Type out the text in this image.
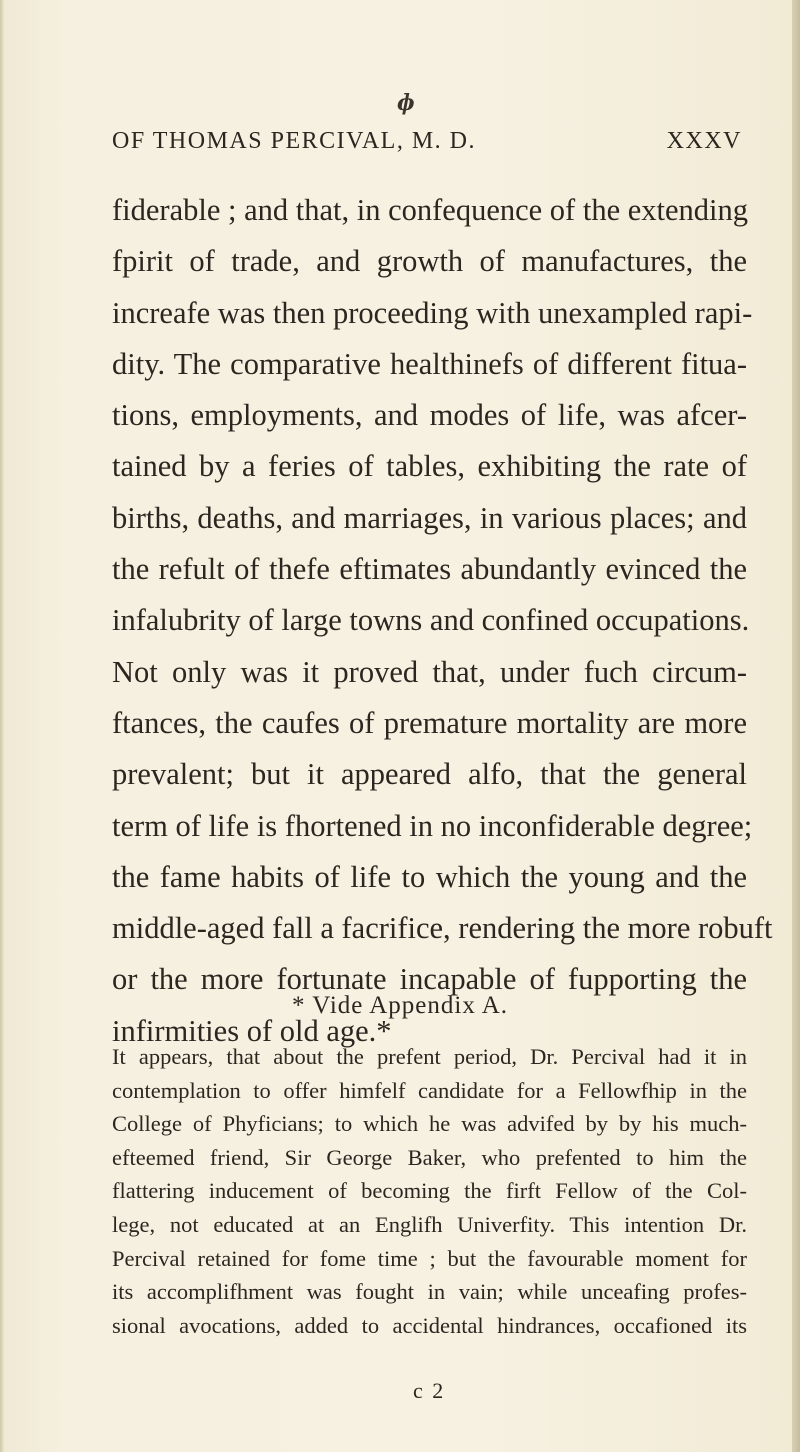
ɸ
OF THOMAS PERCIVAL, M. D.	XXXV
fiderable ; and that, in confequence of the extending
fpirit of trade, and growth of manufactures, the
increafe was then proceeding with unexampled rapi-
dity. The comparative healthinefs of different fitua-
tions, employments, and modes of life, was afcer-
tained by a feries of tables, exhibiting the rate of
births, deaths, and marriages, in various places; and
the refult of thefe eftimates abundantly evinced the
infalubrity of large towns and confined occupations.
Not only was it proved that, under fuch circum-
ftances, the caufes of premature mortality are more
prevalent; but it appeared alfo, that the general
term of life is fhortened in no inconfiderable degree;
the fame habits of life to which the young and the
middle-aged fall a facrifice, rendering the more robuft
or the more fortunate incapable of fupporting the
infirmities of old age.*
* Vide Appendix A.
It appears, that about the prefent period, Dr. Percival had it in
contemplation to offer himfelf candidate for a Fellowfhip in the
College of Phyficians; to which he was advifed by by his much-
efteemed friend, Sir George Baker, who prefented to him the
flattering inducement of becoming the firft Fellow of the Col-
lege, not educated at an Englifh Univerfity. This intention Dr.
Percival retained for fome time ; but the favourable moment for
its accomplifhment was fought in vain; while unceafing profes-
sional avocations, added to accidental hindrances, occafioned its
c 2
